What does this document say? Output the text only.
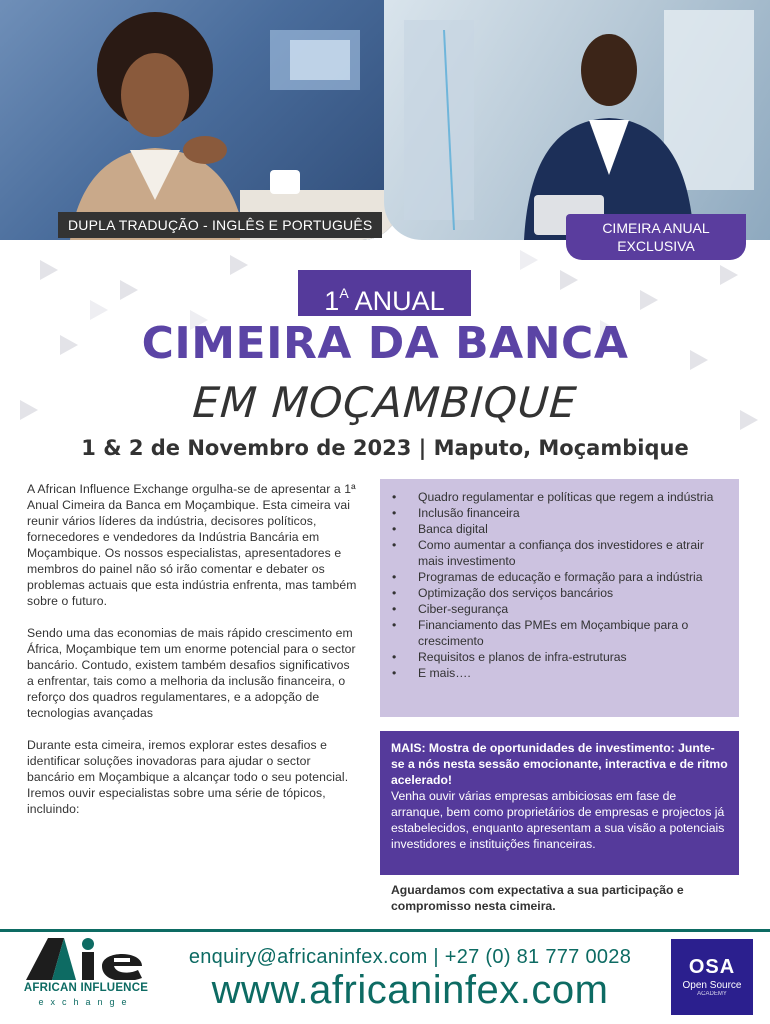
DUPLA TRADUÇÃO - INGLÊS E PORTUGUÊS	CIMEIRA ANUAL
EXCLUSIVA
$1^A$ ANUAL
CIMEIRA DA BANCA
EM MOÇAMBIQUE
1 & 2 de Novembro de 2023 | Maputo, Moçambique

A African Influence Exchange orgulha-se de apresentar a 1ª Anual Cimeira da Banca em Moçambique. Esta cimeira vai reunir vários líderes da indústria, decisores políticos, fornecedores e vendedores da Indústria Bancária em Moçambique. Os nossos especialistas, apresentadores e membros do painel não só irão comentar e debater os problemas actuais que esta indústria enfrenta, mas também sobre o futuro.

Sendo uma das economias de mais rápido crescimento em África, Moçambique tem um enorme potencial para o sector bancário. Contudo, existem também desafios significativos a enfrentar, tais como a melhoria da inclusão financeira, o reforço dos quadros regulamentares, e a adopção de tecnologias avançadas

Durante esta cimeira, iremos explorar estes desafios e identificar soluções inovadoras para ajudar o sector bancário em Moçambique a alcançar todo o seu potencial. Iremos ouvir especialistas sobre uma série de tópicos, incluindo:

• Quadro regulamentar e políticas que regem a indústria
• Inclusão financeira
• Banca digital
• Como aumentar a confiança dos investidores e atrair mais investimento
• Programas de educação e formação para a indústria
• Optimização dos serviços bancários
• Ciber-segurança
• Financiamento das PMEs em Moçambique para o crescimento
• Requisitos e planos de infra-estruturas
• E mais….
MAIS: Mostra de oportunidades de investimento: Junte-se a nós nesta sessão emocionante, interactiva e de ritmo acelerado!
Venha ouvir várias empresas ambiciosas em fase de arranque, bem como proprietários de empresas e projectos já estabelecidos, enquanto apresentam a sua visão a potenciais investidores e instituições financeiras.
Aguardamos com expectativa a sua participação e compromisso nesta cimeira.
AFRICAN INFLUENCE
exchange
enquiry@africaninfex.com | +27 (0) 81 777 0028
www.africaninfex.com
OSA
Open Source
ACADEMY
